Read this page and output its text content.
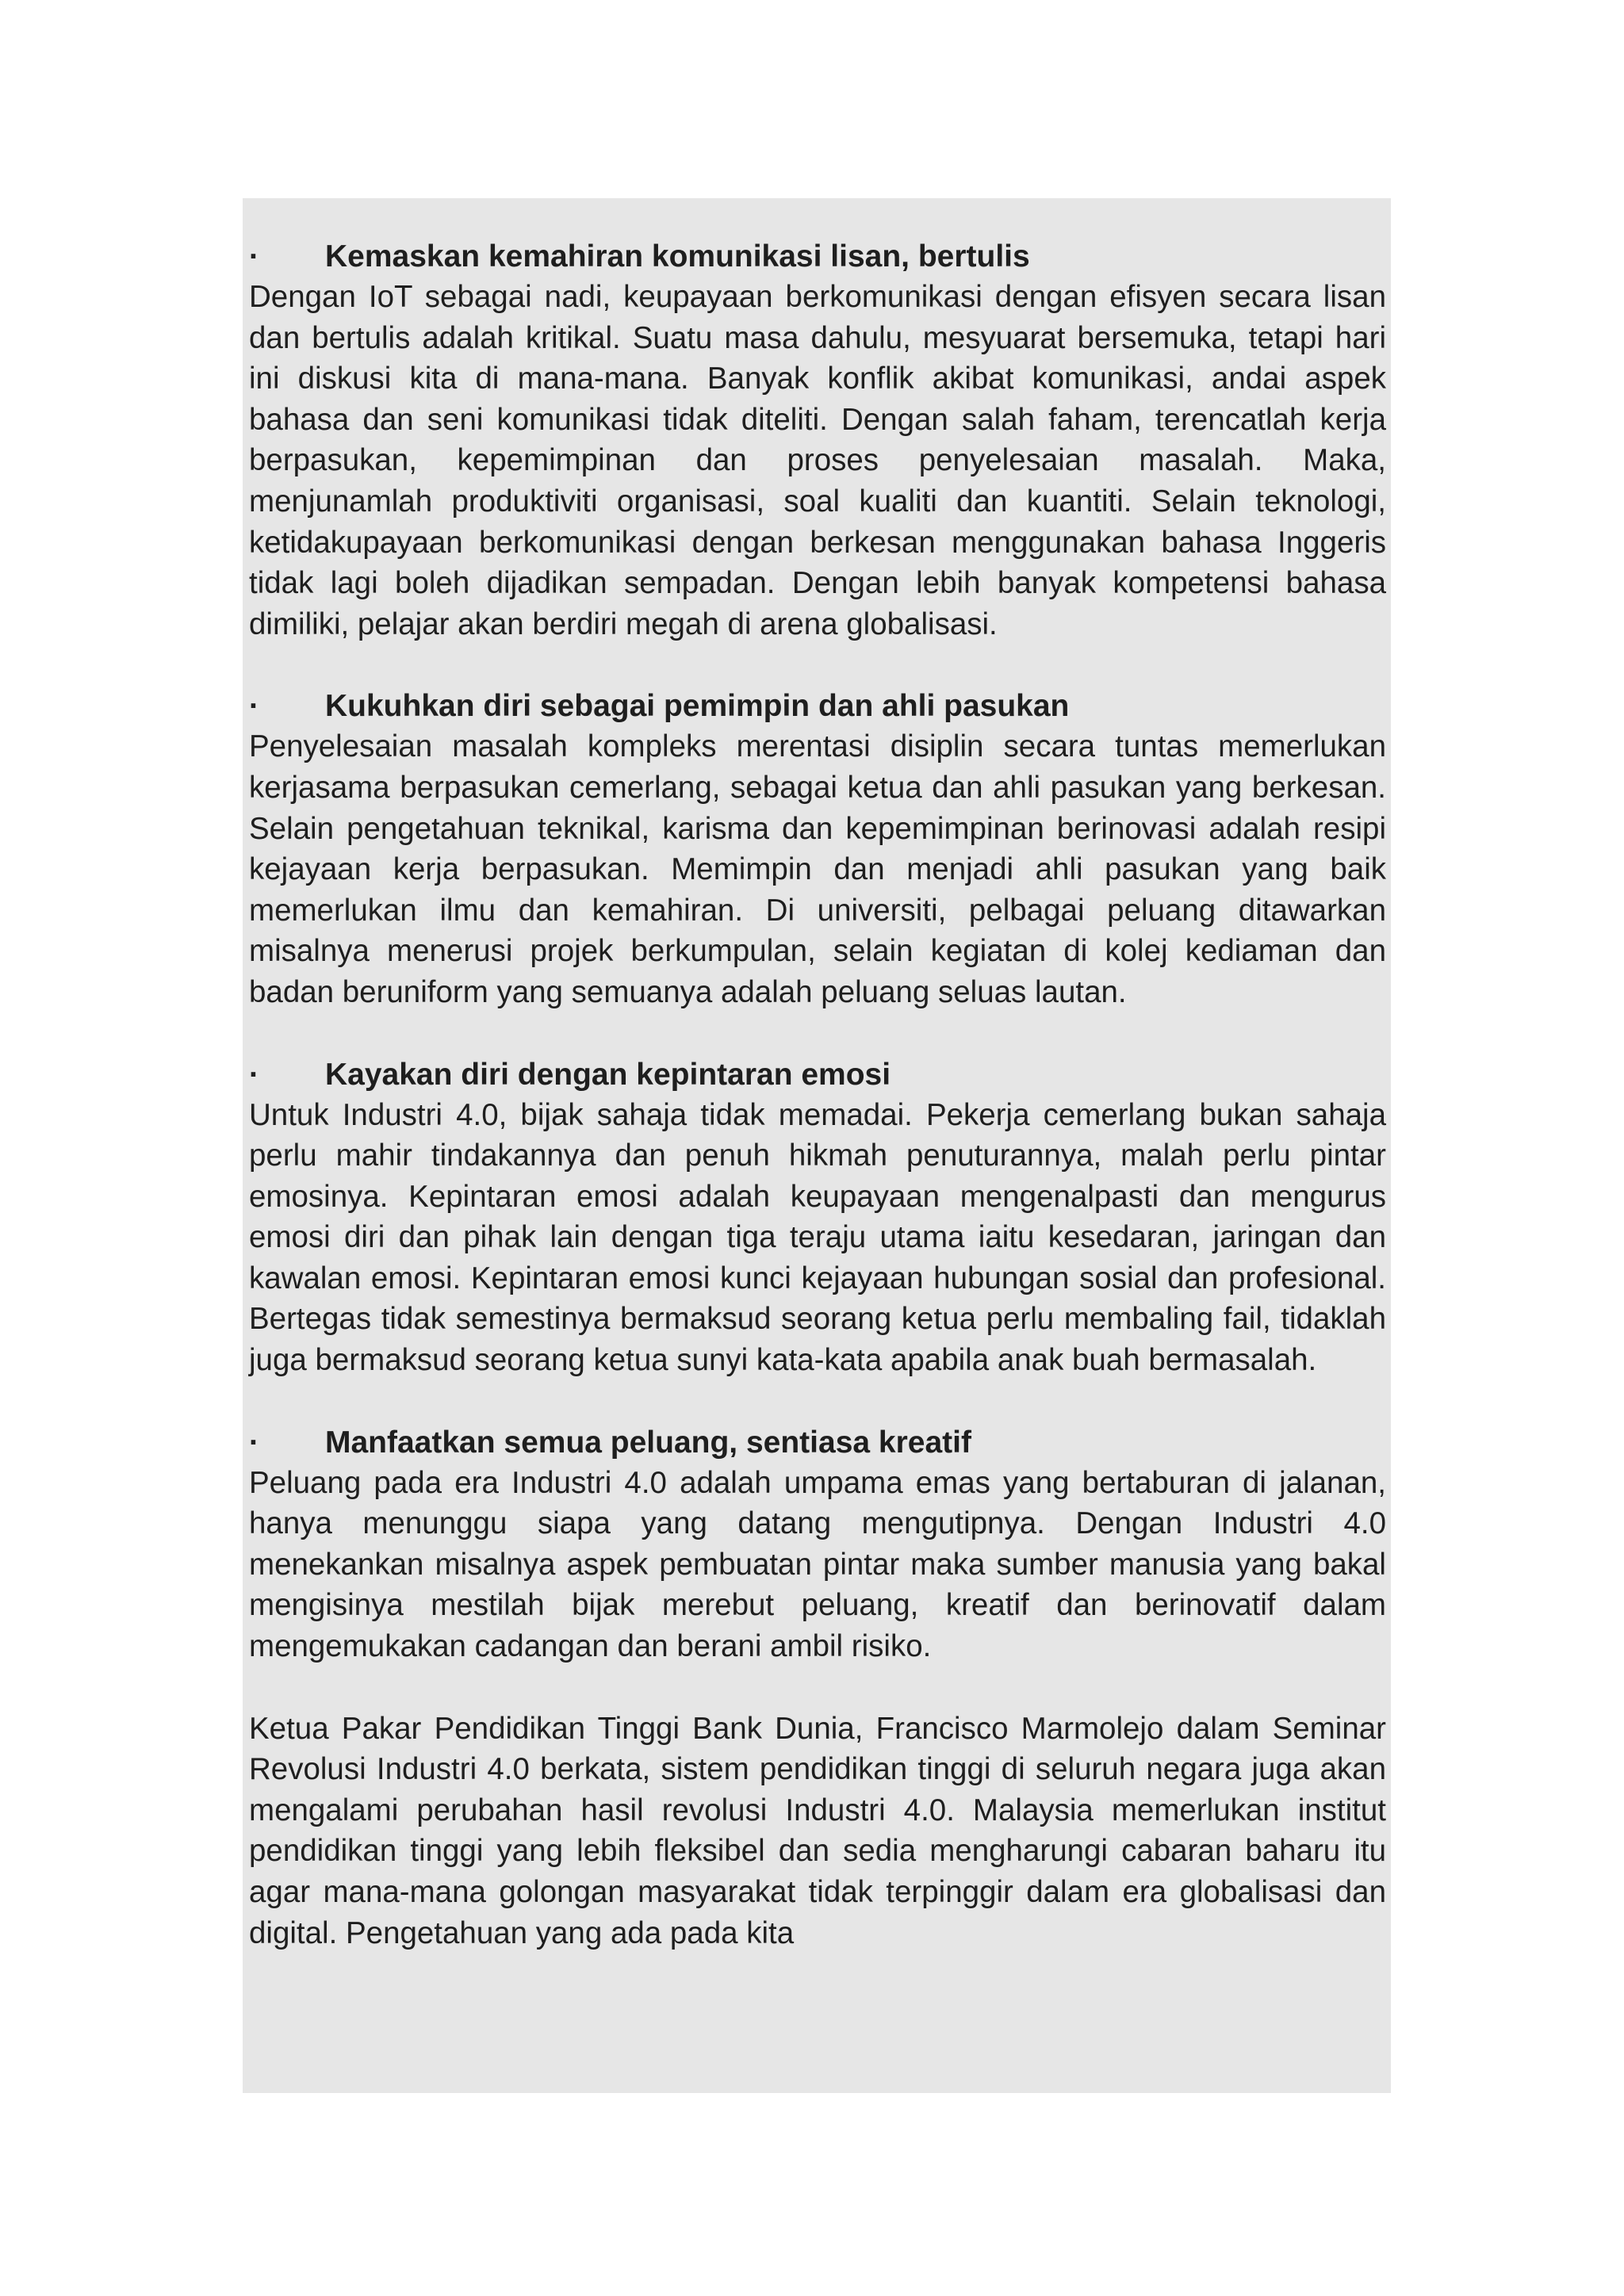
·	Kemaskan kemahiran komunikasi lisan, bertulis

Dengan IoT sebagai nadi, keupayaan berkomunikasi dengan efisyen secara lisan dan bertulis adalah kritikal. Suatu masa dahulu, mesyuarat bersemuka, tetapi hari ini diskusi kita di mana-mana. Banyak konflik akibat komunikasi, andai aspek bahasa dan seni komunikasi tidak diteliti. Dengan salah faham, terencatlah kerja berpasukan, kepemimpinan dan proses penyelesaian masalah. Maka, menjunamlah produktiviti organisasi, soal kualiti dan kuantiti. Selain teknologi, ketidakupayaan berkomunikasi dengan berkesan menggunakan bahasa Inggeris tidak lagi boleh dijadikan sempadan. Dengan lebih banyak kompetensi bahasa dimiliki, pelajar akan berdiri megah di arena globalisasi.

·	Kukuhkan diri sebagai pemimpin dan ahli pasukan

Penyelesaian masalah kompleks merentasi disiplin secara tuntas memerlukan kerjasama berpasukan cemerlang, sebagai ketua dan ahli pasukan yang berkesan. Selain pengetahuan teknikal, karisma dan kepemimpinan berinovasi adalah resipi kejayaan kerja berpasukan. Memimpin dan menjadi ahli pasukan yang baik memerlukan ilmu dan kemahiran. Di universiti, pelbagai peluang ditawarkan misalnya menerusi projek berkumpulan, selain kegiatan di kolej kediaman dan badan beruniform yang semuanya adalah peluang seluas lautan.

·	Kayakan diri dengan kepintaran emosi

Untuk Industri 4.0, bijak sahaja tidak memadai. Pekerja cemerlang bukan sahaja perlu mahir tindakannya dan penuh hikmah penuturannya, malah perlu pintar emosinya. Kepintaran emosi adalah keupayaan mengenalpasti dan mengurus emosi diri dan pihak lain dengan tiga teraju utama iaitu kesedaran, jaringan dan kawalan emosi. Kepintaran emosi kunci kejayaan hubungan sosial dan profesional. Bertegas tidak semestinya bermaksud seorang ketua perlu membaling fail, tidaklah juga bermaksud seorang ketua sunyi kata-kata apabila anak buah bermasalah.

·	Manfaatkan semua peluang, sentiasa kreatif

Peluang pada era Industri 4.0 adalah umpama emas yang bertaburan di jalanan, hanya menunggu siapa yang datang mengutipnya. Dengan Industri 4.0 menekankan misalnya aspek pembuatan pintar maka sumber manusia yang bakal mengisinya mestilah bijak merebut peluang, kreatif dan berinovatif dalam mengemukakan cadangan dan berani ambil risiko.

Ketua Pakar Pendidikan Tinggi Bank Dunia, Francisco Marmolejo dalam Seminar Revolusi Industri 4.0 berkata, sistem pendidikan tinggi di seluruh negara juga akan mengalami perubahan hasil revolusi Industri 4.0. Malaysia memerlukan institut pendidikan tinggi yang lebih fleksibel dan sedia mengharungi cabaran baharu itu agar mana-mana golongan masyarakat tidak terpinggir dalam era globalisasi dan digital. Pengetahuan yang ada pada kita
